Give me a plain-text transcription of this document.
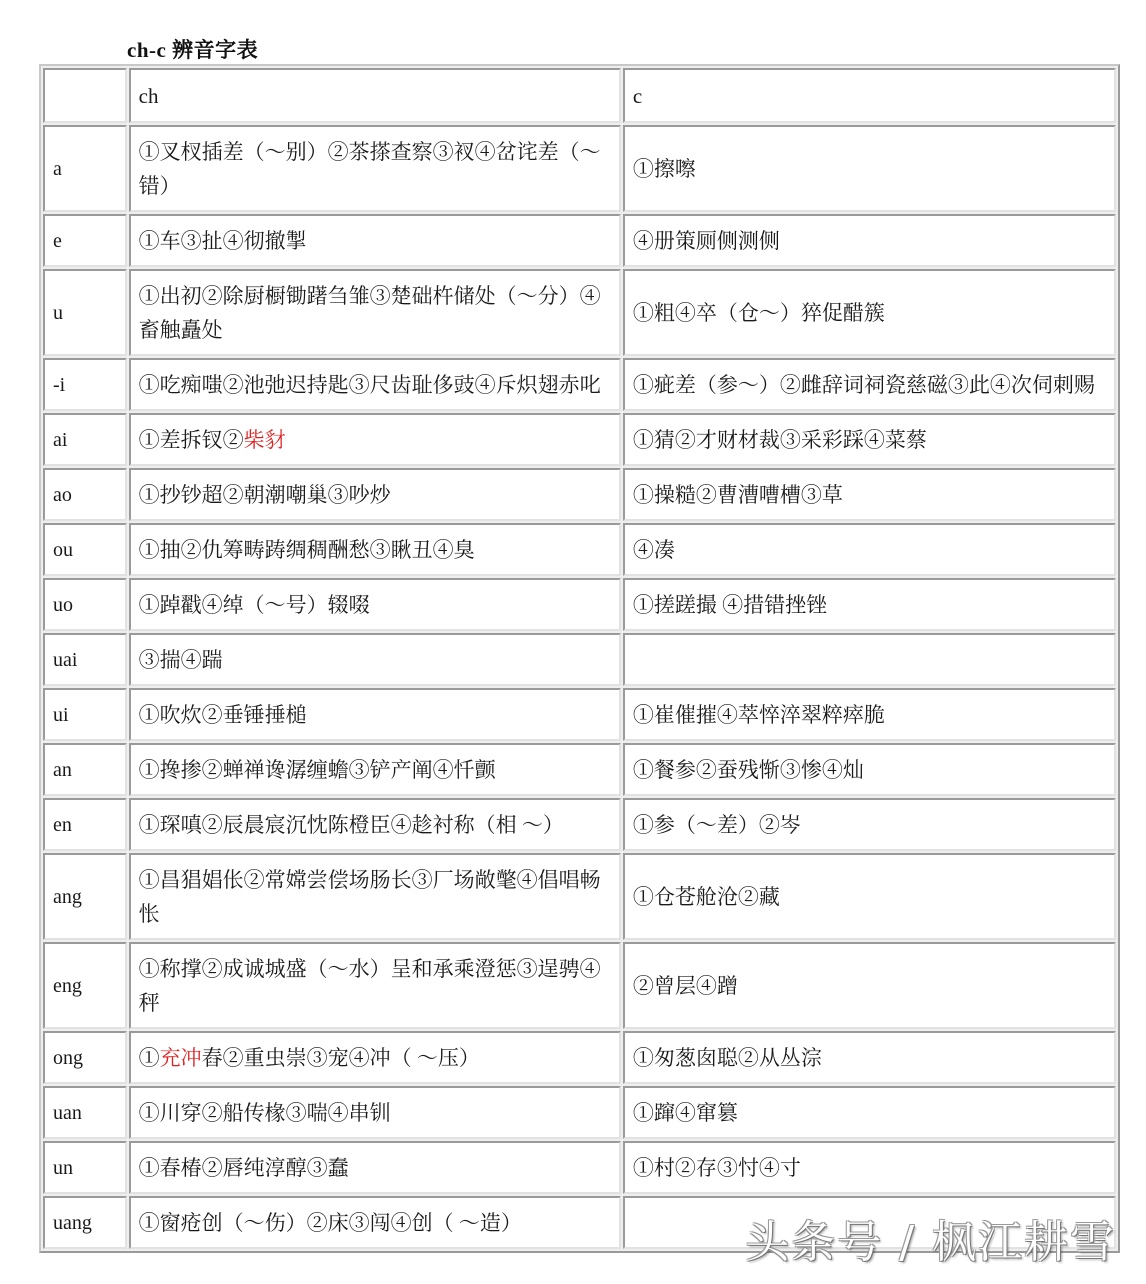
ch-c 辨音字表
	ch	c
a	①叉杈插差（～别）②茶搽查察③衩④岔诧差（～错）	①擦嚓
e	①车③扯④彻撤掣	④册策厕侧测侧
u	①出初②除厨橱锄躇刍雏③楚础杵储处（～分）④畜触矗处	①粗④卒（仓～）猝促醋簇
-i	①吃痴嗤②池弛迟持匙③尺齿耻侈豉④斥炽翅赤叱	①疵差（参～）②雌辞词祠瓷慈磁③此④次伺刺赐
ai	①差拆钗②柴豺	①猜②才财材裁③采彩踩④菜蔡
ao	①抄钞超②朝潮嘲巢③吵炒	①操糙②曹漕嘈槽③草
ou	①抽②仇筹畴踌绸稠酬愁③瞅丑④臭	④凑
uo	①踔戳④绰（～号）辍啜	①搓蹉撮 ④措错挫锉
uai	③揣④踹	
ui	①吹炊②垂锤捶槌	①崔催摧④萃悴淬翠粹瘁脆
an	①搀掺②蝉禅谗潺缠蟾③铲产阐④忏颤	①餐参②蚕残惭③惨④灿
en	①琛嗔②辰晨宸沉忱陈橙臣④趁衬称（相 ～）	①参（～差）②岑
ang	①昌猖娼伥②常嫦尝偿场肠长③厂场敞氅④倡唱畅怅	①仓苍舱沧②藏
eng	①称撑②成诚城盛（～水）呈和承乘澄惩③逞骋④秤	②曾层④蹭
ong	①充冲舂②重虫崇③宠④冲（ ～压）	①匆葱囱聪②从丛淙
uan	①川穿②船传椽③喘④串钏	①蹿④窜篡
un	①春椿②唇纯淳醇③蠢	①村②存③忖④寸
uang	①窗疮创（～伤）②床③闯④创（ ～造）		头条号 / 枫江耕雪
